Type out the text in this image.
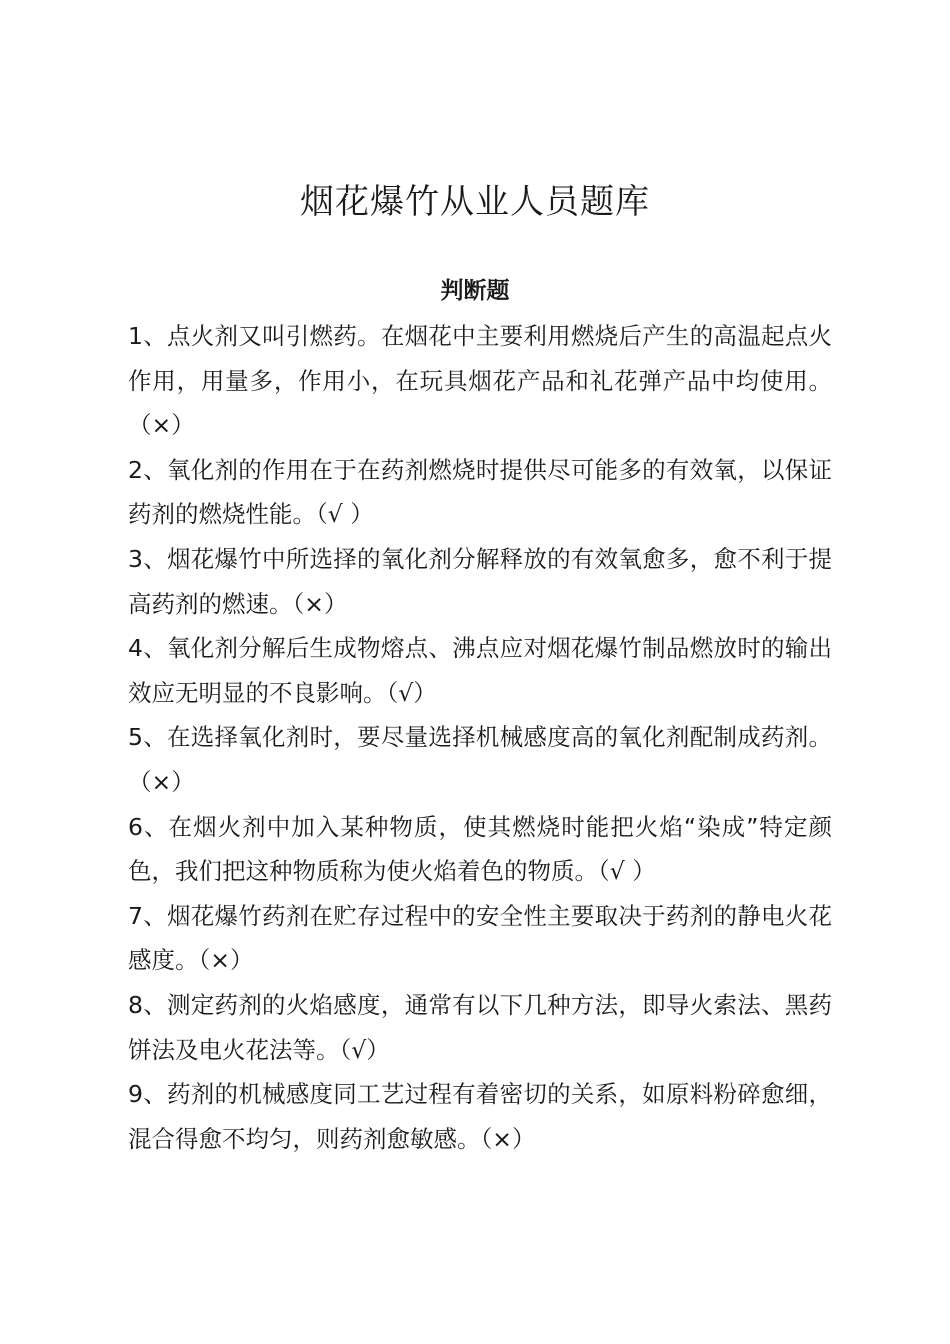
烟花爆竹从业人员题库
判断题

1、点火剂又叫引燃药。在烟花中主要利用燃烧后产生的高温起点火作用，用量多，作用小，在玩具烟花产品和礼花弹产品中均使用。（×）

2、氧化剂的作用在于在药剂燃烧时提供尽可能多的有效氧，以保证药剂的燃烧性能。（√ ）

3、烟花爆竹中所选择的氧化剂分解释放的有效氧愈多，愈不利于提高药剂的燃速。（×）

4、氧化剂分解后生成物熔点、沸点应对烟花爆竹制品燃放时的输出效应无明显的不良影响。（√）

5、在选择氧化剂时，要尽量选择机械感度高的氧化剂配制成药剂。（×）

6、在烟火剂中加入某种物质，使其燃烧时能把火焰“染成”特定颜色，我们把这种物质称为使火焰着色的物质。（√ ）

7、烟花爆竹药剂在贮存过程中的安全性主要取决于药剂的静电火花感度。（×）

8、测定药剂的火焰感度，通常有以下几种方法，即导火索法、黑药饼法及电火花法等。（√）

9、药剂的机械感度同工艺过程有着密切的关系，如原料粉碎愈细，混合得愈不均匀，则药剂愈敏感。（×）
